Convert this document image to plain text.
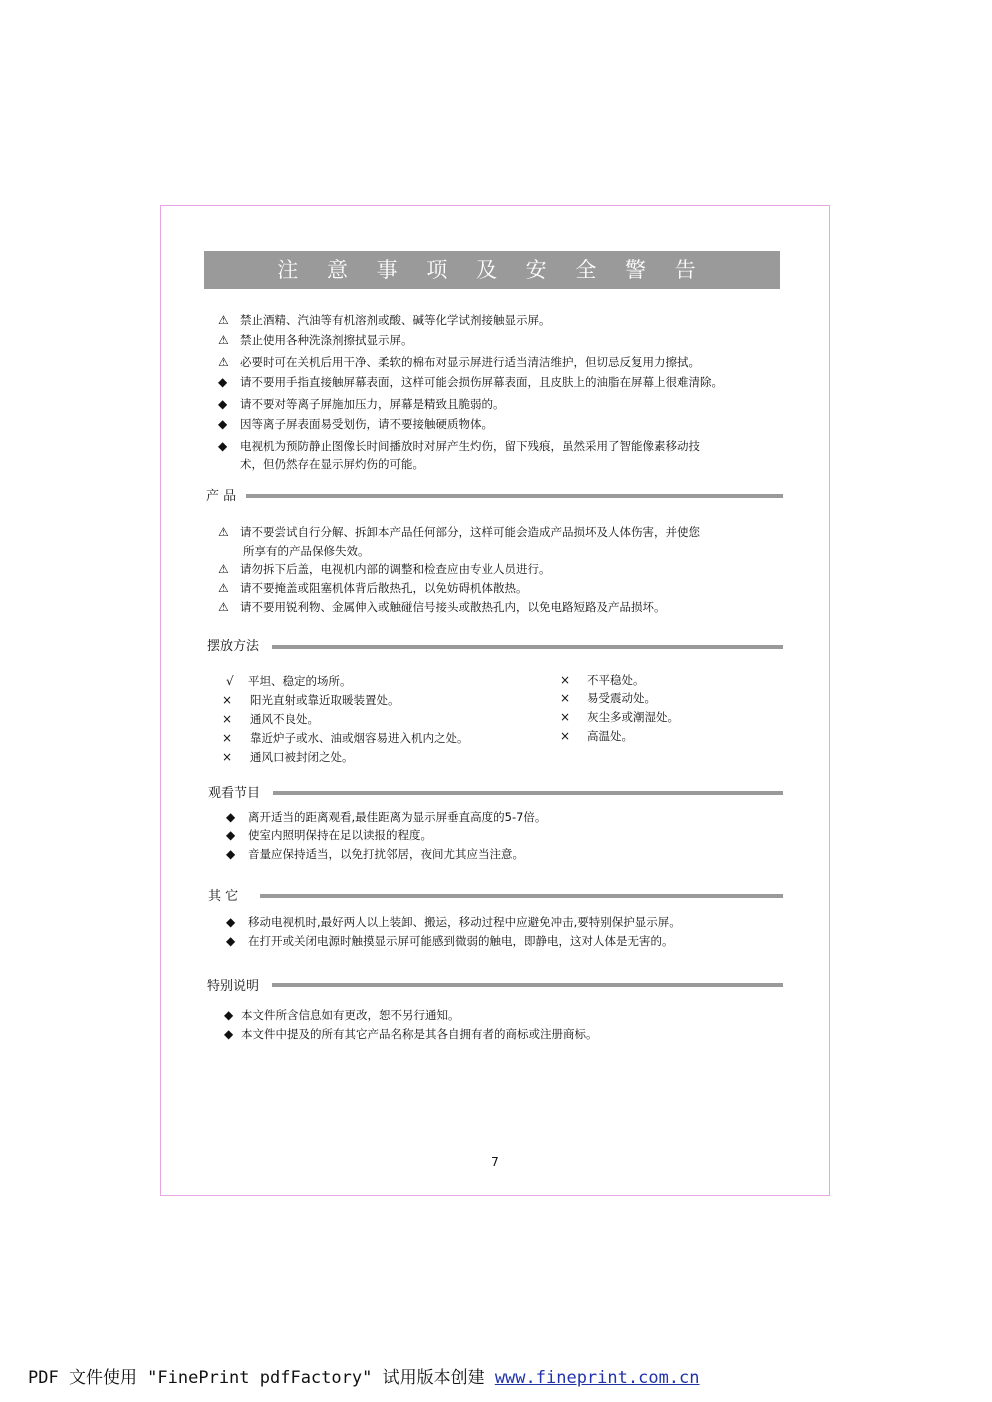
注 意 事 项 及 安 全 警 告
⚠ 禁止酒精、汽油等有机溶剂或酸、碱等化学试剂接触显示屏。
⚠ 禁止使用各种洗涤剂擦拭显示屏。
⚠ 必要时可在关机后用干净、柔软的棉布对显示屏进行适当清洁维护，但切忌反复用力擦拭。
◆ 请不要用手指直接触屏幕表面，这样可能会损伤屏幕表面，且皮肤上的油脂在屏幕上很难清除。
◆ 请不要对等离子屏施加压力，屏幕是精致且脆弱的。
◆ 因等离子屏表面易受划伤，请不要接触硬质物体。
◆ 电视机为预防静止图像长时间播放时对屏产生灼伤，留下残痕，虽然采用了智能像素移动技
术，但仍然存在显示屏灼伤的可能。
产 品
⚠ 请不要尝试自行分解、拆卸本产品任何部分，这样可能会造成产品损坏及人体伤害，并使您
所享有的产品保修失效。
⚠ 请勿拆下后盖，电视机内部的调整和检查应由专业人员进行。
⚠ 请不要掩盖或阻塞机体背后散热孔，以免妨碍机体散热。
⚠ 请不要用锐利物、金属伸入或触碰信号接头或散热孔内，以免电路短路及产品损坏。
摆放方法
√ 平坦、稳定的场所。
× 阳光直射或靠近取暖装置处。
× 通风不良处。
× 靠近炉子或水、油或烟容易进入机内之处。
× 通风口被封闭之处。
× 不平稳处。
× 易受震动处。
× 灰尘多或潮湿处。
× 高温处。
观看节目
◆ 离开适当的距离观看,最佳距离为显示屏垂直高度的5-7倍。
◆ 使室内照明保持在足以读报的程度。
◆ 音量应保持适当，以免打扰邻居，夜间尤其应当注意。
其 它
◆ 移动电视机时,最好两人以上装卸、搬运，移动过程中应避免冲击,要特别保护显示屏。
◆ 在打开或关闭电源时触摸显示屏可能感到微弱的触电，即静电，这对人体是无害的。
特别说明
◆ 本文件所含信息如有更改，恕不另行通知。
◆ 本文件中提及的所有其它产品名称是其各自拥有者的商标或注册商标。
7
PDF 文件使用 "FinePrint pdfFactory" 试用版本创建 www.fineprint.com.cn
